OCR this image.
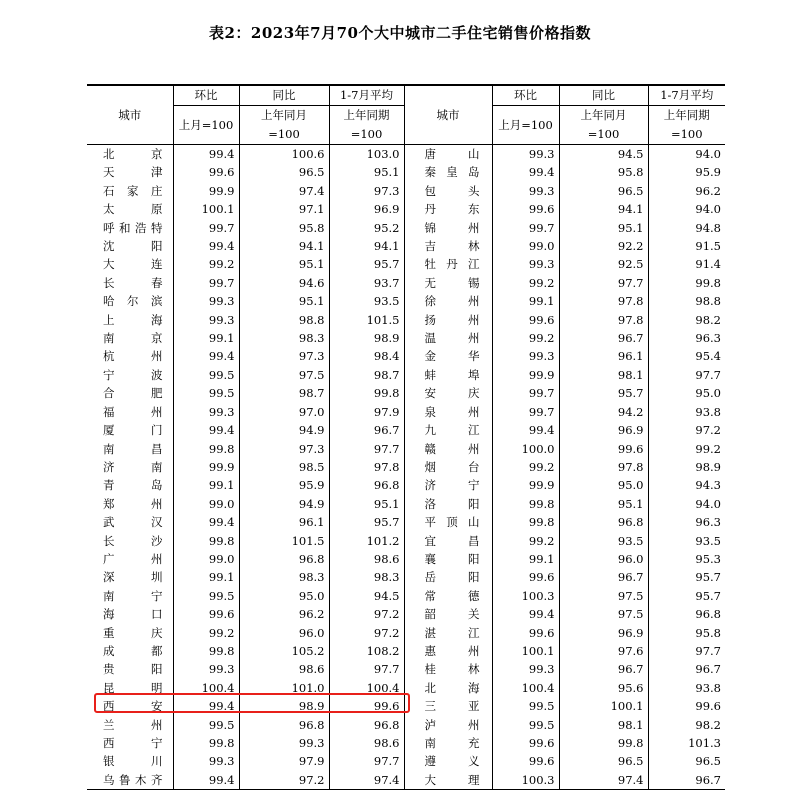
表2：2023年7月70个大中城市二手住宅销售价格指数
城市	环比	同比	1-7月平均	城市	环比	同比	1-7月平均
	上月=100	上年同月	上年同期		上月=100	上年同月	上年同期
		=100	=100			=100	=100
北京	99.4	100.6	103.0	唐山	99.3	94.5	94.0
天津	99.6	96.5	95.1	秦皇岛	99.4	95.8	95.9
石家庄	99.9	97.4	97.3	包头	99.3	96.5	96.2
太原	100.1	97.1	96.9	丹东	99.6	94.1	94.0
呼和浩特	99.7	95.8	95.2	锦州	99.7	95.1	94.8
沈阳	99.4	94.1	94.1	吉林	99.0	92.2	91.5
大连	99.2	95.1	95.7	牡丹江	99.3	92.5	91.4
长春	99.7	94.6	93.7	无锡	99.2	97.7	99.8
哈尔滨	99.3	95.1	93.5	徐州	99.1	97.8	98.8
上海	99.3	98.8	101.5	扬州	99.6	97.8	98.2
南京	99.1	98.3	98.9	温州	99.2	96.7	96.3
杭州	99.4	97.3	98.4	金华	99.3	96.1	95.4
宁波	99.5	97.5	98.7	蚌埠	99.9	98.1	97.7
合肥	99.5	98.7	99.8	安庆	99.7	95.7	95.0
福州	99.3	97.0	97.9	泉州	99.7	94.2	93.8
厦门	99.4	94.9	96.7	九江	99.4	96.9	97.2
南昌	99.8	97.3	97.7	赣州	100.0	99.6	99.2
济南	99.9	98.5	97.8	烟台	99.2	97.8	98.9
青岛	99.1	95.9	96.8	济宁	99.9	95.0	94.3
郑州	99.0	94.9	95.1	洛阳	99.8	95.1	94.0
武汉	99.4	96.1	95.7	平顶山	99.8	96.8	96.3
长沙	99.8	101.5	101.2	宜昌	99.2	93.5	93.5
广州	99.0	96.8	98.6	襄阳	99.1	96.0	95.3
深圳	99.1	98.3	98.3	岳阳	99.6	96.7	95.7
南宁	99.5	95.0	94.5	常德	100.3	97.5	95.7
海口	99.6	96.2	97.2	韶关	99.4	97.5	96.8
重庆	99.2	96.0	97.2	湛江	99.6	96.9	95.8
成都	99.8	105.2	108.2	惠州	100.1	97.6	97.7
贵阳	99.3	98.6	97.7	桂林	99.3	96.7	96.7
昆明	100.4	101.0	100.4	北海	100.4	95.6	93.8
西安	99.4	98.9	99.6	三亚	99.5	100.1	99.6
兰州	99.5	96.8	96.8	泸州	99.5	98.1	98.2
西宁	99.8	99.3	98.6	南充	99.6	99.8	101.3
银川	99.3	97.9	97.7	遵义	99.6	96.5	96.5
乌鲁木齐	99.4	97.2	97.4	大理	100.3	97.4	96.7
